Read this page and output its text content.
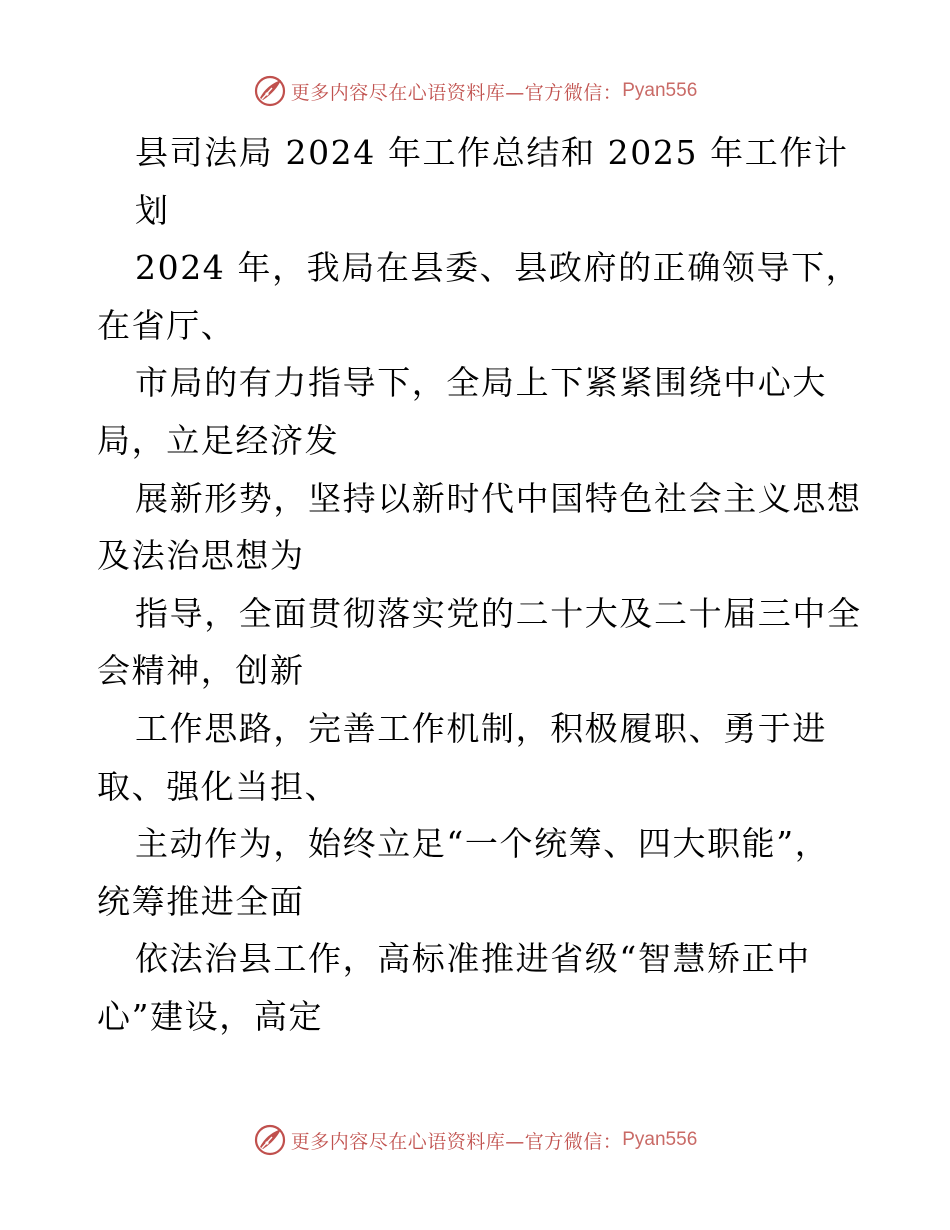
更多内容尽在心语资料库—官方微信： Pyan556
县司法局 2024 年工作总结和 2025 年工作计
划
2024 年，我局在县委、县政府的正确领导下，
在省厅、
市局的有力指导下，全局上下紧紧围绕中心大
局，立足经济发
展新形势，坚持以新时代中国特色社会主义思想
及法治思想为
指导，全面贯彻落实党的二十大及二十届三中全
会精神，创新
工作思路，完善工作机制，积极履职、勇于进
取、强化当担、
主动作为，始终立足“一个统筹、四大职能”，
统筹推进全面
依法治县工作，高标准推进省级“智慧矫正中
心”建设，高定
更多内容尽在心语资料库—官方微信： Pyan556
